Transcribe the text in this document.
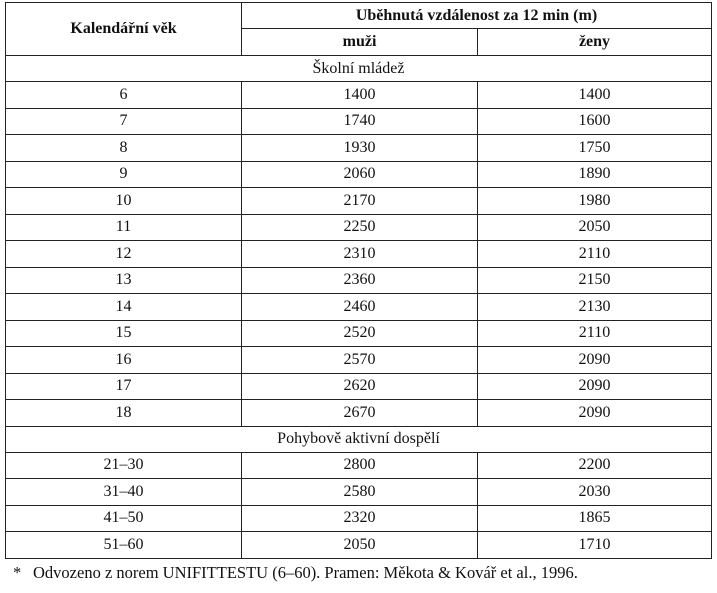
Kalendářní věk	Uběhnutá vzdálenost za 12 min (m)	
	muži	ženy
Školní mládež		
6	1400	1400
7	1740	1600
8	1930	1750
9	2060	1890
10	2170	1980
11	2250	2050
12	2310	2110
13	2360	2150
14	2460	2130
15	2520	2110
16	2570	2090
17	2620	2090
18	2670	2090
Pohybově aktivní dospělí		
21–30	2800	2200
31–40	2580	2030
41–50	2320	1865
51–60	2050	1710
* Odvozeno z norem UNIFITTESTU (6–60). Pramen: Měkota & Kovář et al., 1996.
